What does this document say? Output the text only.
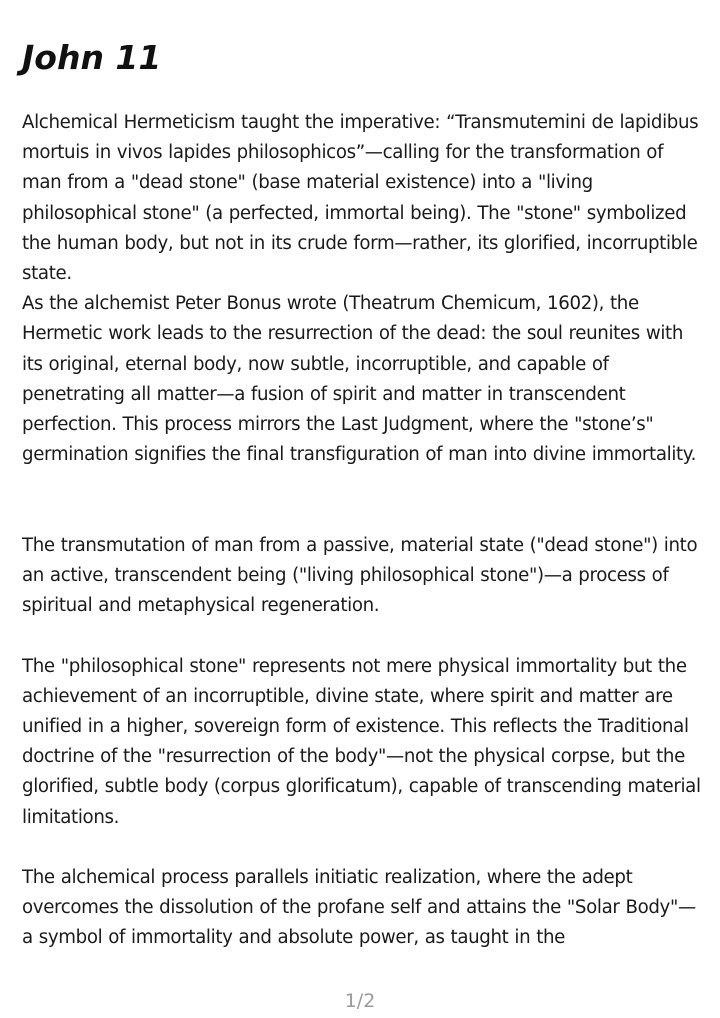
John 11

Alchemical Hermeticism taught the imperative: “Transmutemini de lapidibus mortuis in vivos lapides philosophicos”—calling for the transformation of man from a "dead stone" (base material existence) into a "living philosophical stone" (a perfected, immortal being). The "stone" symbolized the human body, but not in its crude form—rather, its glorified, incorruptible state.

As the alchemist Peter Bonus wrote (Theatrum Chemicum, 1602), the Hermetic work leads to the resurrection of the dead: the soul reunites with its original, eternal body, now subtle, incorruptible, and capable of penetrating all matter—a fusion of spirit and matter in transcendent perfection. This process mirrors the Last Judgment, where the "stone’s" germination signifies the final transfiguration of man into divine immortality.

The transmutation of man from a passive, material state ("dead stone") into an active, transcendent being ("living philosophical stone")—a process of spiritual and metaphysical regeneration.

The "philosophical stone" represents not mere physical immortality but the achievement of an incorruptible, divine state, where spirit and matter are unified in a higher, sovereign form of existence. This reflects the Traditional doctrine of the "resurrection of the body"—not the physical corpse, but the glorified, subtle body (corpus glorificatum), capable of transcending material limitations.

The alchemical process parallels initiatic realization, where the adept overcomes the dissolution of the profane self and attains the "Solar Body"—a symbol of immortality and absolute power, as taught in the

1/2
